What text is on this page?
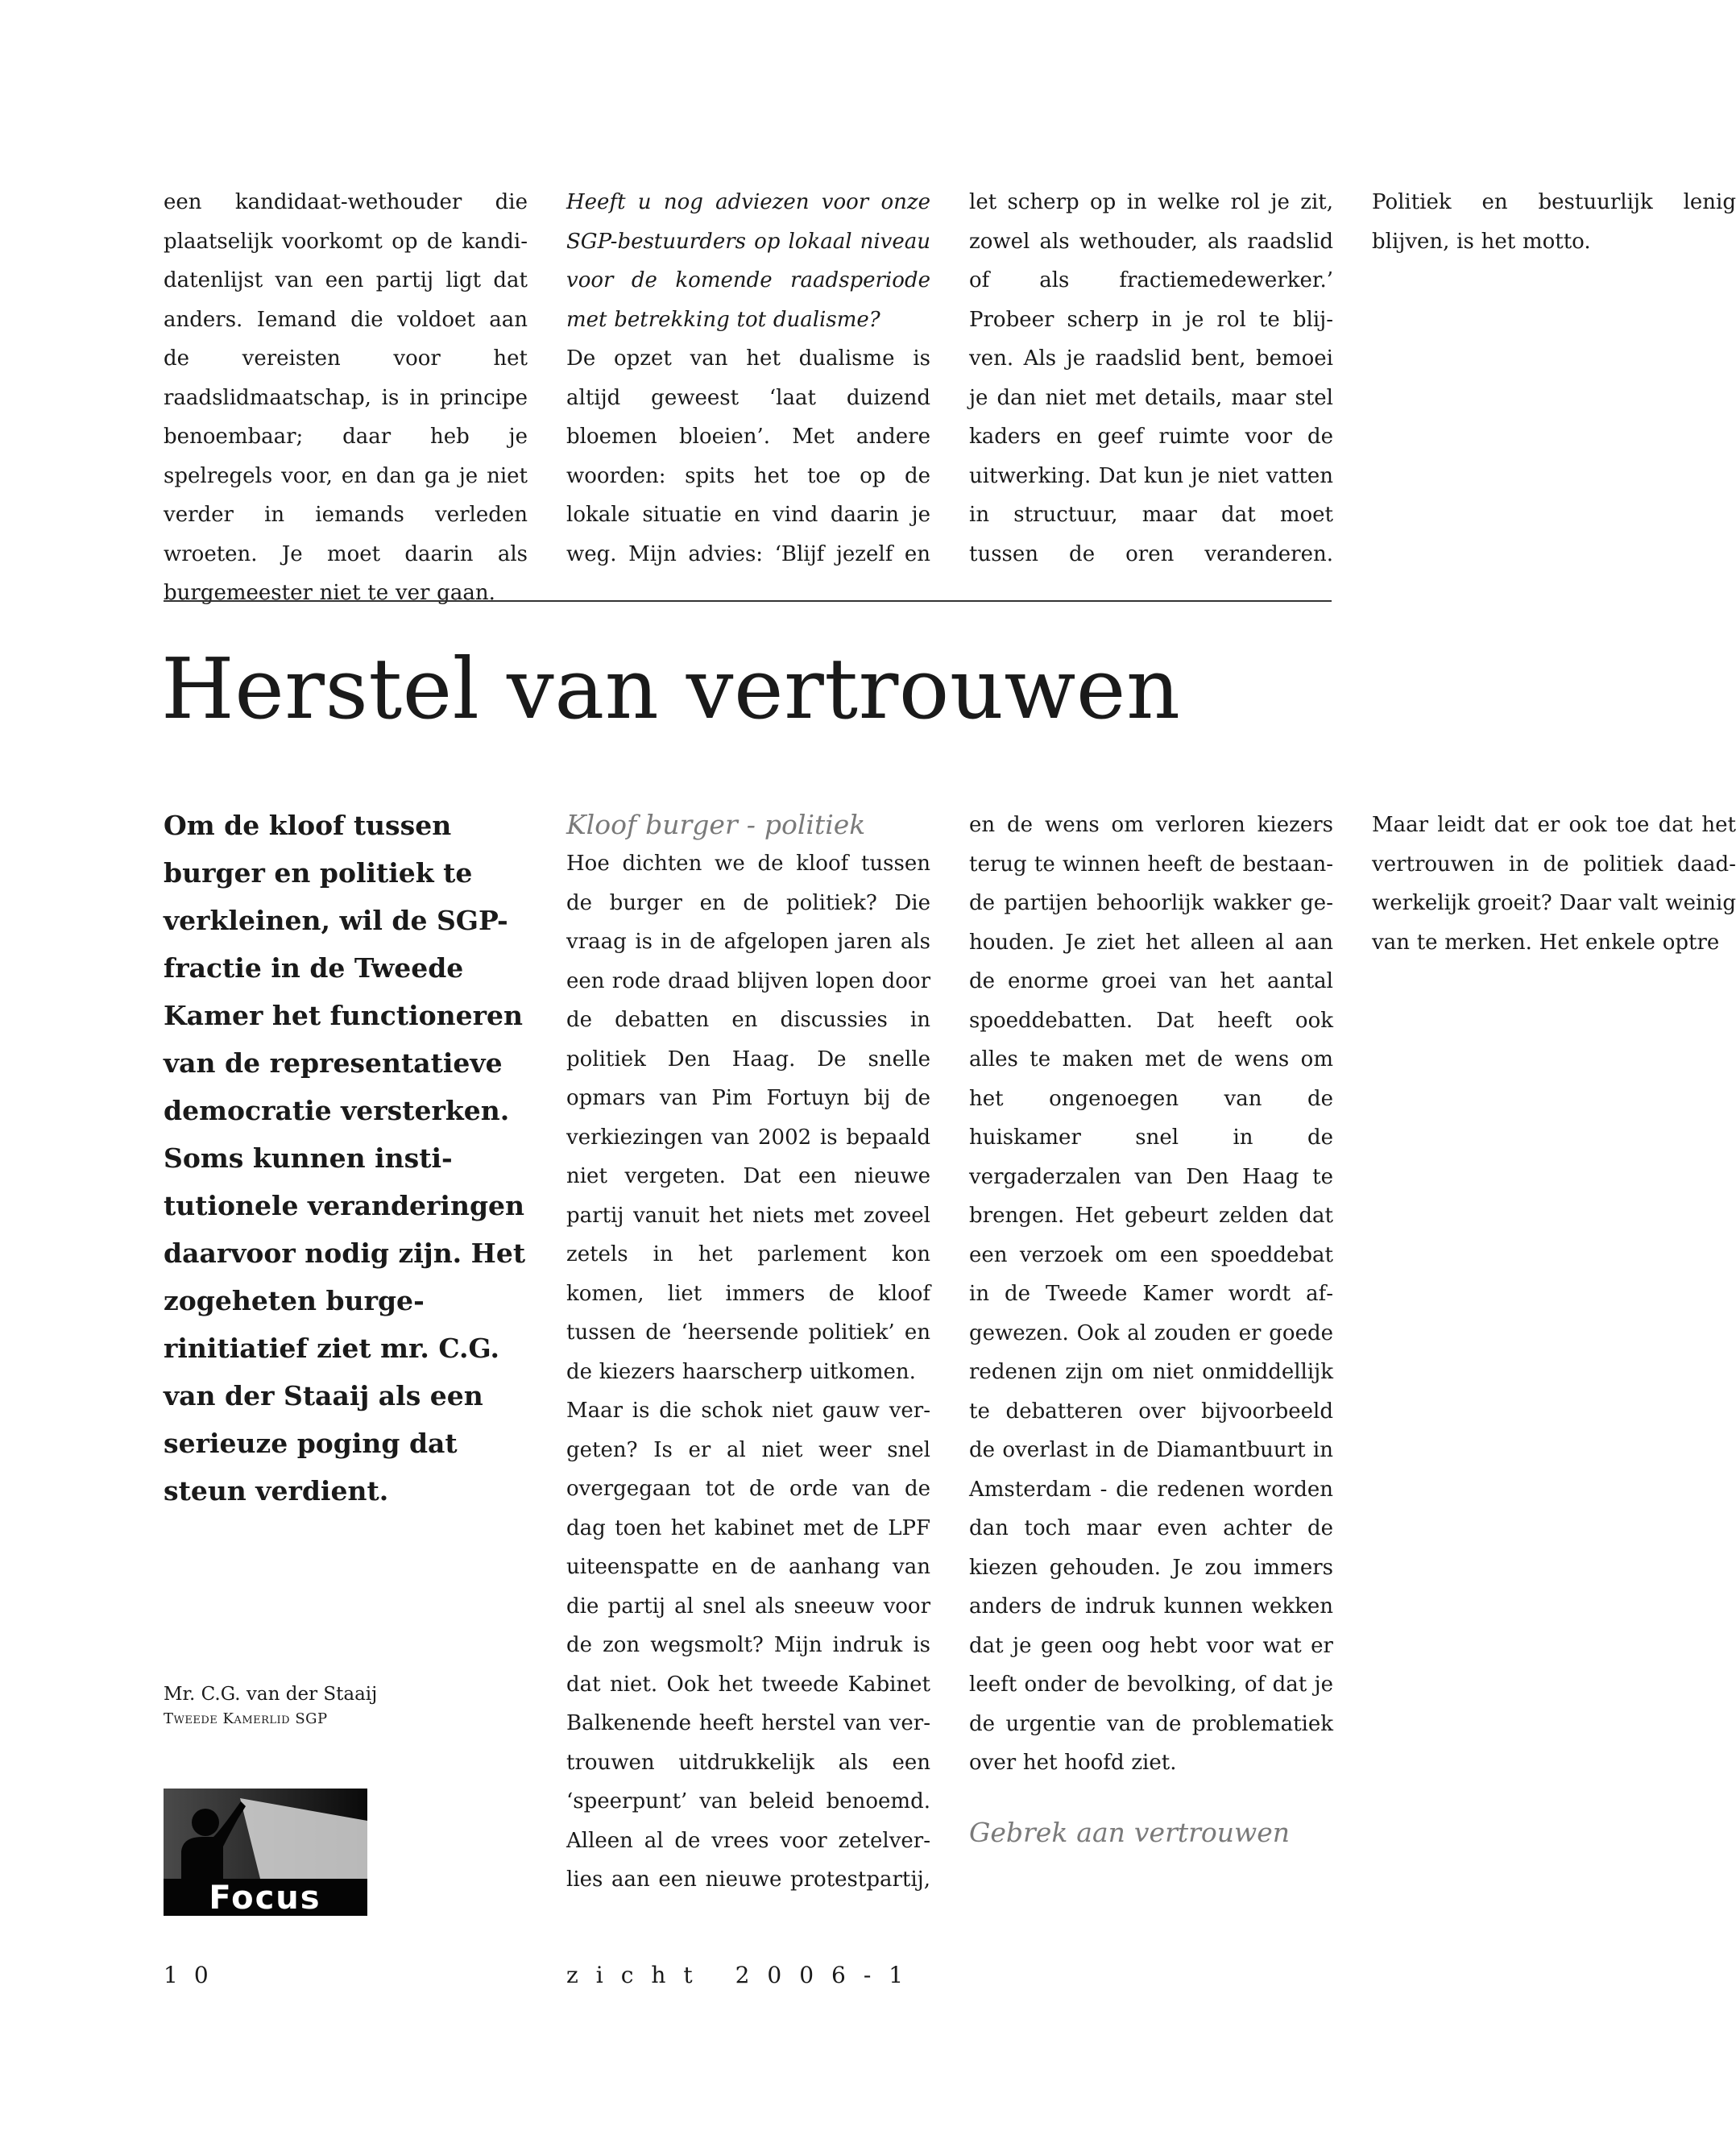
een kandidaat-wethouder die plaatselijk voorkomt op de kandidatenlijst van een partij ligt dat anders. Iemand die voldoet aan de vereisten voor het raadslidmaatschap, is in principe benoembaar; daar heb je spelregels voor, en dan ga je niet verder in iemands verleden wroeten. Je moet daarin als burgemeester niet te ver gaan.

Heeft u nog adviezen voor onze SGP-bestuurders op lokaal niveau voor de komende raadsperiode met betrekking tot dualisme?

De opzet van het dualisme is altijd geweest ‘laat duizend bloemen bloeien’. Met andere woorden: spits het toe op de lokale situatie en vind daarin je weg. Mijn advies: ‘Blijf jezelf en let scherp op in welke rol je zit, zowel als wethouder, als raadslid of als fractiemedewerker.’ Probeer scherp in je rol te blijven. Als je raadslid bent, bemoei je dan niet met details, maar stel kaders en geef ruimte voor de uitwerking. Dat kun je niet vatten in structuur, maar dat moet tussen de oren veranderen. Politiek en bestuurlijk lenig blijven, is het motto.

Herstel van vertrouwen

Om de kloof tussen burger en politiek te verkleinen, wil de SGP-fractie in de Tweede Kamer het functioneren van de representatieve democratie versterken. Soms kunnen institutionele veranderingen daarvoor nodig zijn. Het zogeheten burgerinitiatief ziet mr. C.G. van der Staaij als een serieuze poging dat steun verdient.

Mr. C.G. van der Staaij

Tweede Kamerlid SGP

Focus

Kloof burger - politiek

Hoe dichten we de kloof tussen de burger en de politiek? Die vraag is in de afgelopen jaren als een rode draad blijven lopen door de debatten en discussies in politiek Den Haag. De snelle opmars van Pim Fortuyn bij de verkiezingen van 2002 is bepaald niet vergeten. Dat een nieuwe partij vanuit het niets met zoveel zetels in het parlement kon komen, liet immers de kloof tussen de ‘heersende politiek’ en de kiezers haarscherp uitkomen.

Maar is die schok niet gauw vergeten? Is er al niet weer snel overgegaan tot de orde van de dag toen het kabinet met de LPF uiteenspatte en de aanhang van die partij al snel als sneeuw voor de zon wegsmolt? Mijn indruk is dat niet. Ook het tweede Kabinet Balkenende heeft herstel van vertrouwen uitdrukkelijk als een ‘speerpunt’ van beleid benoemd. Alleen al de vrees voor zetelverlies aan een nieuwe protestpartij, en de wens om verloren kiezers terug te winnen heeft de bestaande partijen behoorlijk wakker gehouden. Je ziet het alleen al aan de enorme groei van het aantal spoeddebatten. Dat heeft ook alles te maken met de wens om het ongenoegen van de huiskamer snel in de vergaderzalen van Den Haag te brengen. Het gebeurt zelden dat een verzoek om een spoeddebat in de Tweede Kamer wordt afgewezen. Ook al zouden er goede redenen zijn om niet onmiddellijk te debatteren over bijvoorbeeld de overlast in de Diamantbuurt in Amsterdam - die redenen worden dan toch maar even achter de kiezen gehouden. Je zou immers anders de indruk kunnen wekken dat je geen oog hebt voor wat er leeft onder de bevolking, of dat je de urgentie van de problematiek over het hoofd ziet.

Gebrek aan vertrouwen

Maar leidt dat er ook toe dat het vertrouwen in de politiek daadwerkelijk groeit? Daar valt weinig van te merken. Het enkele optre

10	zicht 2006-1
